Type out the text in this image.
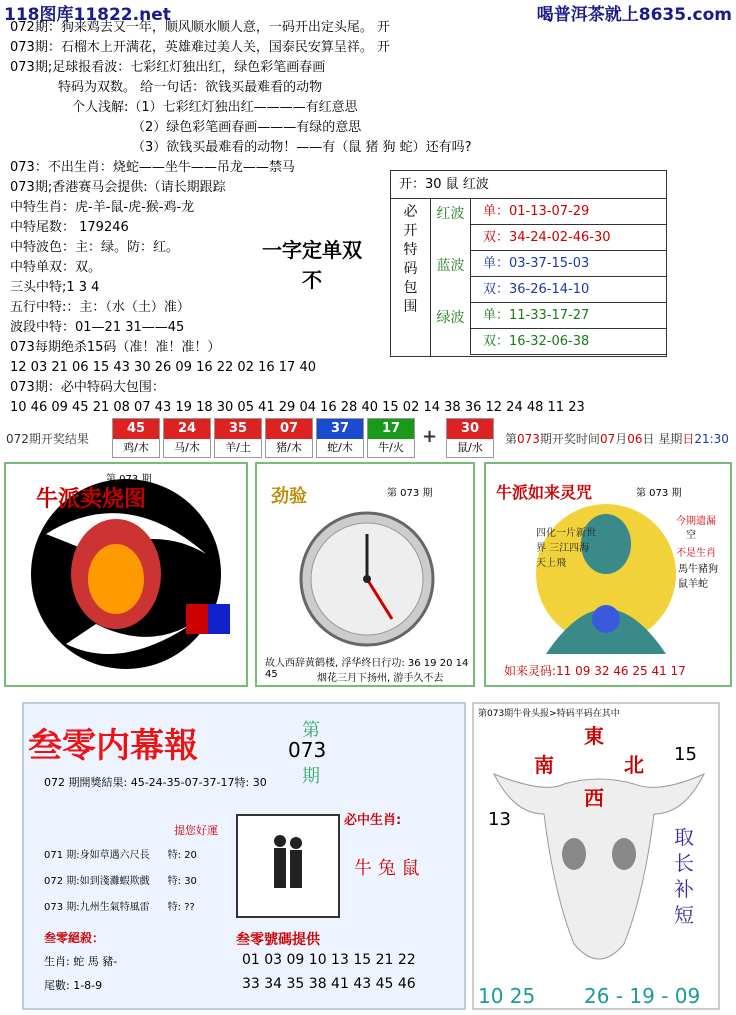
118图库11822.net	喝普洱茶就上8635.com
072期：狗来鸡去又一年，顺风顺水顺人意，一码开出定头尾。 开
073期：石榴木上开满花，英雄难过美人关，国泰民安算呈祥。 开
073期;足球报看波：七彩红灯独出红，绿色彩笔画春画
特码为双数。 给一句话：欲钱买最难看的动物
个人浅解:（1）七彩红灯独出红————有红意思
（2）绿色彩笔画春画———有绿的意思
（3）欲钱买最难看的动物！——有（鼠 猪 狗 蛇）还有吗?
073：不出生肖：烧蛇——坐牛——吊龙——禁马
073期;香港赛马会提供:（请长期跟踪
中特生肖：虎-羊-鼠-虎-猴-鸡-龙
中特尾数： 179246
中特波色：主：绿。防：红。
中特单双：双。
三头中特;1 3 4
五行中特:：主：（水（土）准）
波段中特：01—21 31——45
073每期绝杀15码（准！准！准！）
12 03 21 06 15 43 30 26 09 16 22 02 16 17 40
073期：必中特码大包围：
10 46 09 45 21 08 07 43 19 18 30 05 41 29 04 16 28 40 15 02 14 38 36 12 24 48 11 23
一字定单双
不
开：30 鼠 红波
必
开
特
码
包
围
红波	单：01-13-07-29
双：34-24-02-46-30
蓝波	单：03-37-15-03
双：36-26-14-10
绿波	单：11-33-17-27
双：16-32-06-38
072期开奖结果
45
鸡/木
24
马/木
35
羊/土
07
猪/木
37
蛇/木
17
牛/火
30
鼠/水
+	第073期开奖时间07月06日 星期日21:30
牛派卖烧图
第 073 期
劲验	第 073 期
故人西辞黄鹤楼, 浮华终日行功: 36 19 20 14 45	烟花三月下扬州, 游手久不去
牛派如来灵咒	第 073 期
四化一片新世界 三江四海天上飛
今期遗漏
空
不是生肖
馬牛豬狗鼠羊蛇
如来灵码:11 09 32 46 25 41 17
叁零内幕報	第
073
期
072 期開獎結果: 45-24-35-07-37-17特: 30
提您好運
071 期:身如草遇六尺長 特: 20
072 期:如到淺灘蝦欺戲 特: 30
073 期:九州生氣特風雷 特: ??
叁零絕殺：
生肖: 蛇 馬 豬-
尾數: 1-8-9
必中生肖:
牛 兔 鼠
叁零號碼提供
01 03 09 10 13 15 21 22
33 34 35 38 41 43 45 46
第073期牛骨头报>特码平码在其中
東
南	北
西
15
13
取长补短
10 25 26 - 19 - 09
